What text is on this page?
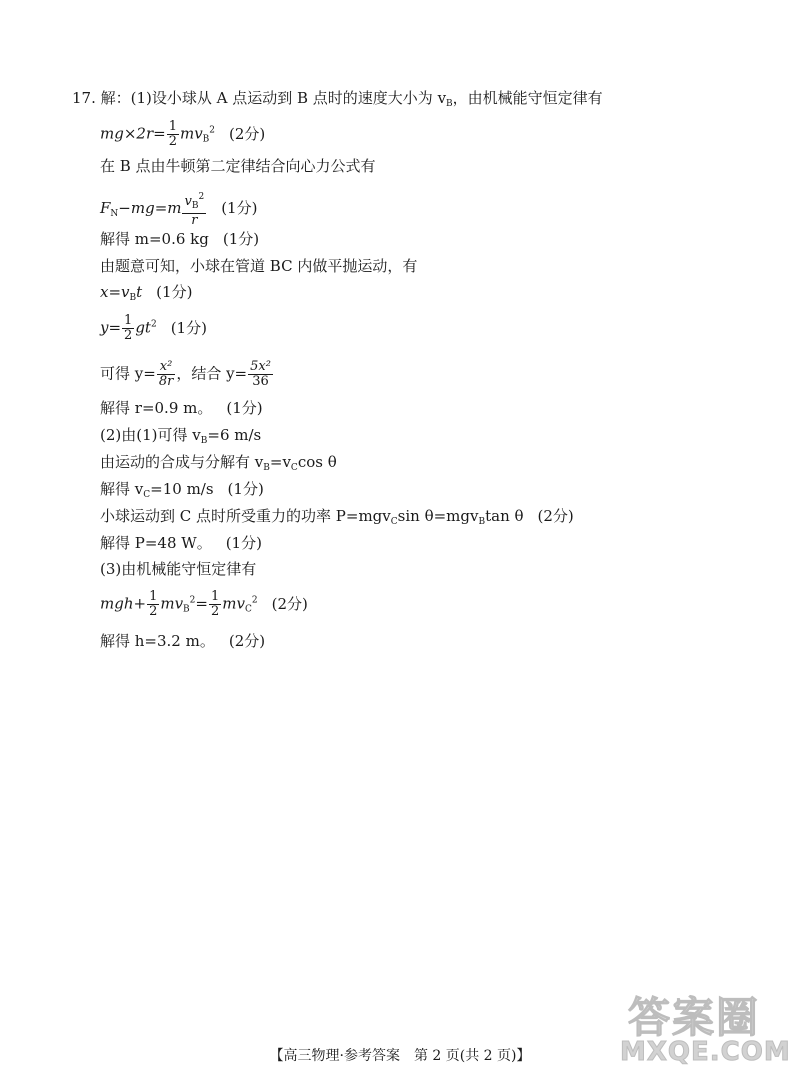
17. 解：(1)设小球从 A 点运动到 B 点时的速度大小为 $v_B$，由机械能守恒定律有
$mg\times 2r= \frac{1}{2} mv_B^2$ (2分)
在 B 点由牛顿第二定律结合向心力公式有
$F_N-mg=m \frac{v_B^2}{r} (1$分)
解得 m=0.6 kg (1分)
由题意可知，小球在管道 BC 内做平抛运动，有
$x=v_Bt$ (1分)
$y= \frac{1}{2} gt^2$ (1分)
可得 $y= \frac{\text{x²}}{8r}$ ，结合 $y= \frac{\text{5x²}}{36}$
解得 r=0.9 m。 (1分)
(2)由(1)可得 $v_B=6$ m/s
由运动的合成与分解有 $v_B=v_C\cos$ θ
解得 $v_C=10$ m/s (1分)
小球运动到 C 点时所受重力的功率 P=mgv$_C$sin θ=mgv$_B$tan θ (2分)
解得 P=48 W。 (1分)
(3)由机械能守恒定律有
$mgh+ \frac{1}{2} mv_B^2= \frac{1}{2} mv_C^2$ (2分)
解得 h=3.2 m。 (2分)
【高三物理·参考答案　第 2 页(共 2 页)】
答案圈
MXQE.COM
